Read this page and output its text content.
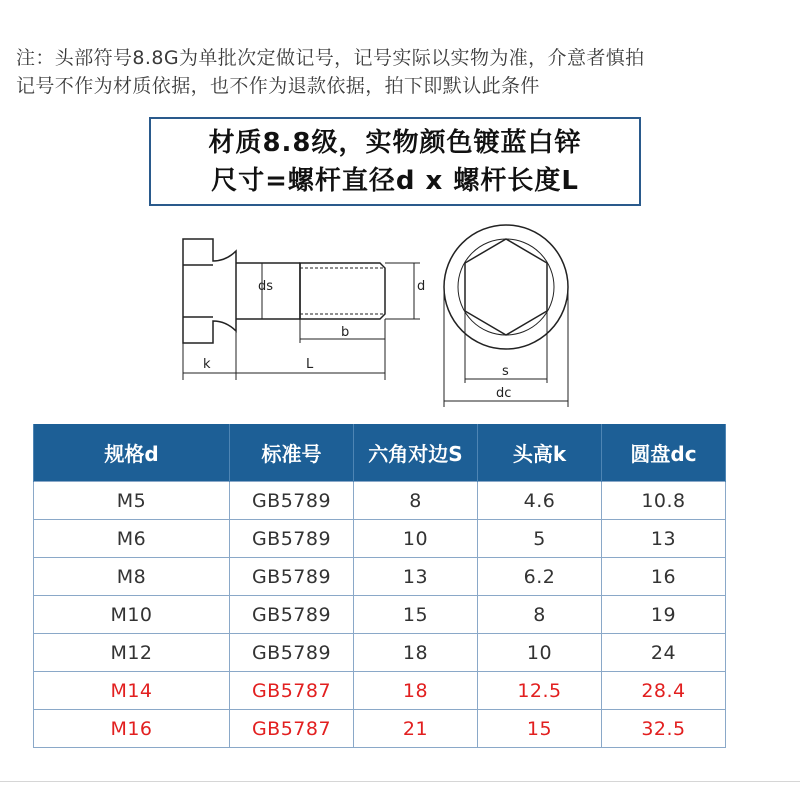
注：头部符号8.8G为单批次定做记号，记号实际以实物为准，介意者慎拍
记号不作为材质依据，也不作为退款依据，拍下即默认此条件
材质8.8级，实物颜色镀蓝白锌
尺寸=螺杆直径d x 螺杆长度L
ds	d
b
k	L	s
dc
规格d	标准号	六角对边S	头高k	圆盘dc
M5	GB5789	8	4.6	10.8
M6	GB5789	10	5	13
M8	GB5789	13	6.2	16
M10	GB5789	15	8	19
M12	GB5789	18	10	24
M14	GB5787	18	12.5	28.4
M16	GB5787	21	15	32.5
